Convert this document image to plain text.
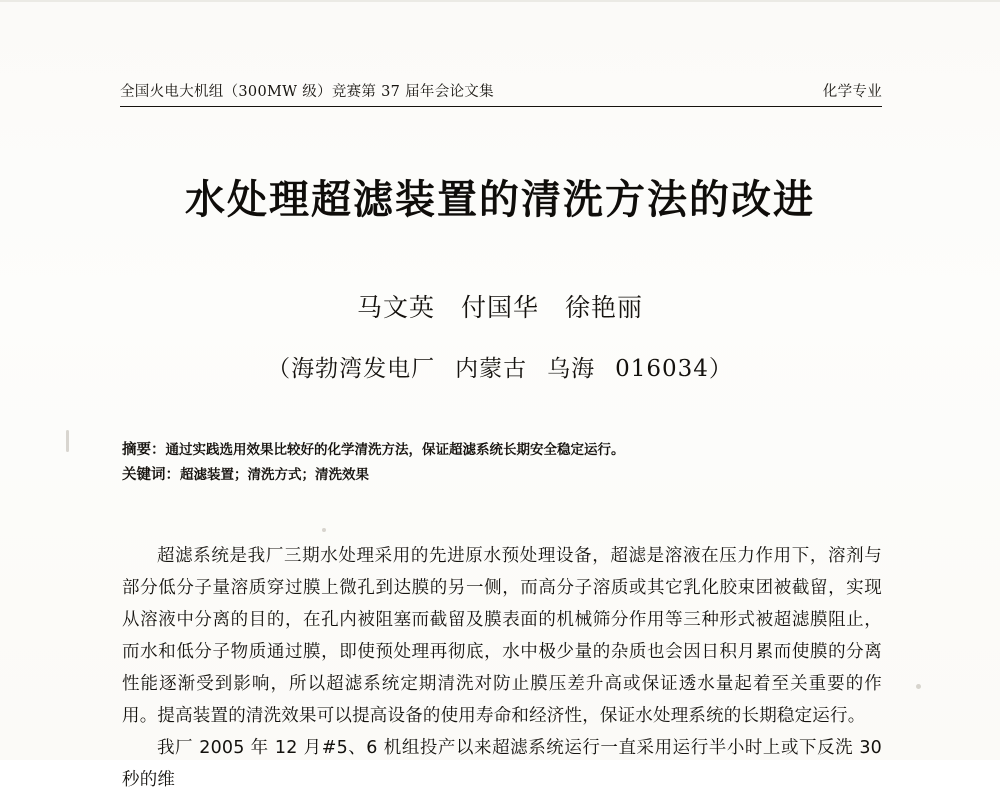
全国火电大机组（300MW 级）竞赛第 37 届年会论文集	化学专业
水处理超滤装置的清洗方法的改进
马文英 付国华 徐艳丽
（海勃湾发电厂 内蒙古 乌海 016034）
摘要：通过实践选用效果比较好的化学清洗方法，保证超滤系统长期安全稳定运行。
关键词：超滤装置；清洗方式；清洗效果

超滤系统是我厂三期水处理采用的先进原水预处理设备，超滤是溶液在压力作用下，溶剂与部分低分子量溶质穿过膜上微孔到达膜的另一侧，而高分子溶质或其它乳化胶束团被截留，实现从溶液中分离的目的，在孔内被阻塞而截留及膜表面的机械筛分作用等三种形式被超滤膜阻止，而水和低分子物质通过膜，即使预处理再彻底，水中极少量的杂质也会因日积月累而使膜的分离性能逐渐受到影响，所以超滤系统定期清洗对防止膜压差升高或保证透水量起着至关重要的作用。提高装置的清洗效果可以提高设备的使用寿命和经济性，保证水处理系统的长期稳定运行。

我厂 2005 年 12 月#5、6 机组投产以来超滤系统运行一直采用运行半小时上或下反洗 30 秒的维
